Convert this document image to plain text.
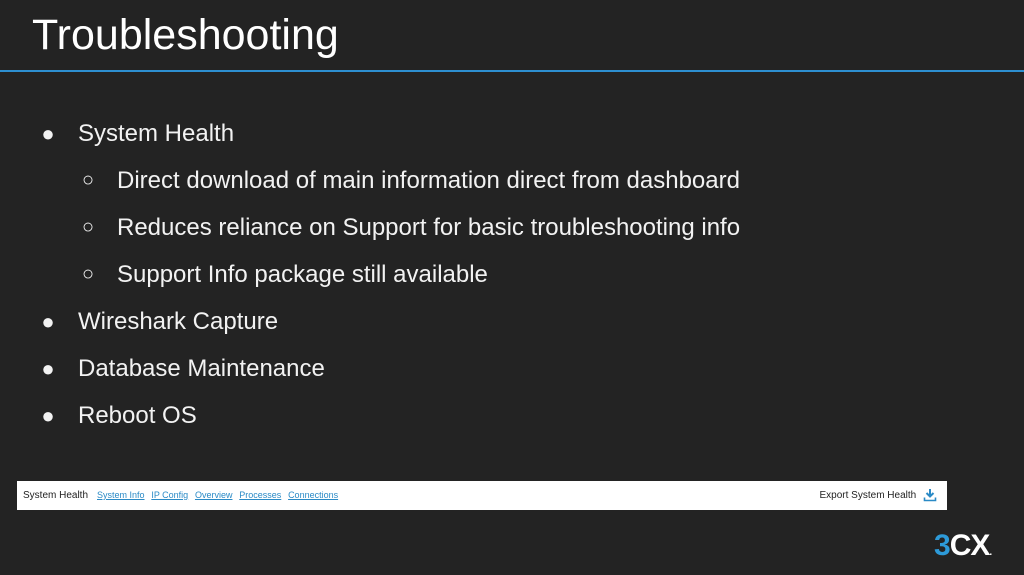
Troubleshooting
● System Health
○ Direct download of main information direct from dashboard
○ Reduces reliance on Support for basic troubleshooting info
○ Support Info package still available
● Wireshark Capture
● Database Maintenance
● Reboot OS
System Health System Info IP Config Overview Processes Connections	Export System Health
3CX.
